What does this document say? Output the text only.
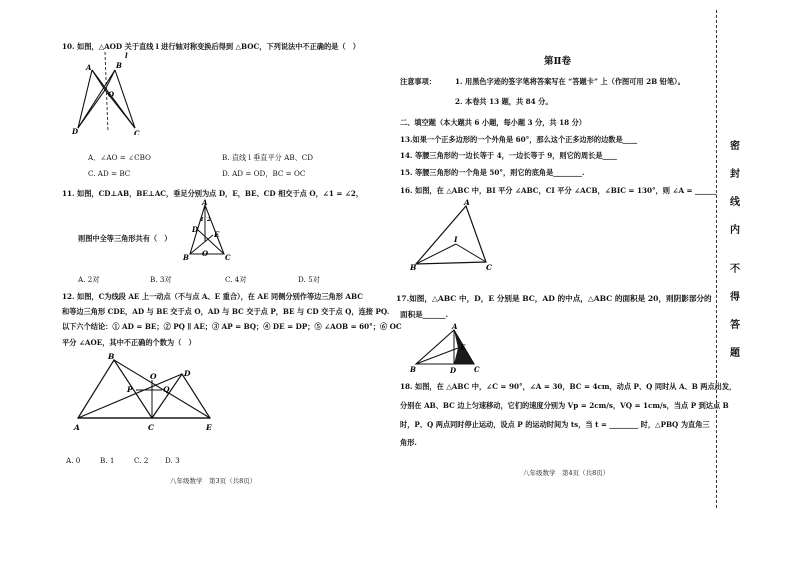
10. 如图，△AOD 关于直线 l 进行轴对称变换后得到 △BOC，下列说法中不正确的是（　）
l
A	B
O
D	C
A．∠AO = ∠CBO	B. 直线 l 垂直平分 AB、CD
C. AD = BC	D. AD = OD，BC = OC
11. 如图，CD⊥AB，BE⊥AC，垂足分别为点 D，E，BE、CD 相交于点 O，∠1 = ∠2，
A
D
E
B O C
1 2
则图中全等三角形共有（　）
A. 2对	B. 3对	C. 4对	D. 5对
12. 如图，C为线段 AE 上一动点（不与点 A、E 重合），在 AE 同侧分别作等边三角形 ABC
和等边三角形 CDE，AD 与 BE 交于点 O，AD 与 BC 交于点 P，BE 与 CD 交于点 Q，连接 PQ.
以下六个结论：① AD = BE；② PQ ∥ AE；③ AP = BQ；④ DE = DP；⑤ ∠AOB = 60°；⑥ OC
平分 ∠AOE，其中不正确的个数为（　）
B
D
O
Q
P
A	C	E
A. 0	B. 1	C. 2 D. 3
八年级数学　第3页（共8页）
第Ⅱ卷
注意事项：	1. 用黑色字迹的签字笔将答案写在 “答题卡” 上（作图可用 2B 铅笔）。
2. 本卷共 13 题，共 84 分。
二、填空题（本大题共 6 小题，每小题 3 分，共 18 分）
13.如果一个正多边形的一个外角是 60°，那么这个正多边形的边数是____
14. 等腰三角形的一边长等于 4，一边长等于 9，则它的周长是____
15. 等腰三角形的一个角是 50°，则它的底角是________.
16. 如图，在 △ABC 中，BI 平分 ∠ABC，CI 平分 ∠ACB，∠BIC = 130°，则 ∠A = ______
A
I
B	C
17.如图，△ABC 中，D，E 分别是 BC，AD 的中点，△ABC 的面积是 20，则阴影部分的
面积是______.
A
E
B	D	C
18. 如图，在 △ABC 中，∠C = 90°，∠A = 30，BC = 4cm，动点 P、Q 同时从 A、B 两点出发，
分别在 AB、BC 边上匀速移动，它们的速度分别为 Vp = 2cm/s，VQ = 1cm/s，当点 P 到达点 B
时，P、Q 两点同时停止运动，设点 P 的运动时间为 ts，当 t = ________ 时，△PBQ 为直角三
角形.
八年级数学　第4页（共8页）
密
封
线
内
不
得
答
题
